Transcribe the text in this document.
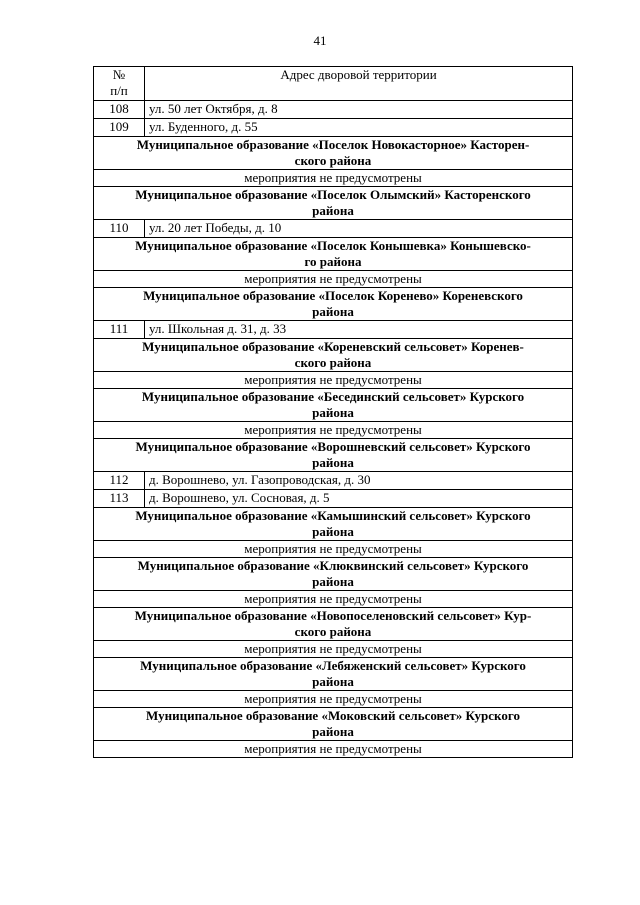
41
№
п/п	Адрес дворовой территории
108	ул. 50 лет Октября, д. 8
109	ул. Буденного, д. 55

Муниципальное образование «Поселок Новокасторное» Касторен-
ского района	

мероприятия не предусмотрены	

Муниципальное образование «Поселок Олымский» Касторенского
района	

110	ул. 20 лет Победы, д. 10

Муниципальное образование «Поселок Конышевка» Конышевско-
го района	

мероприятия не предусмотрены	

Муниципальное образование «Поселок Коренево» Кореневского
района	

111	ул. Школьная д. 31, д. 33

Муниципальное образование «Кореневский сельсовет» Коренев-
ского района	

мероприятия не предусмотрены	

Муниципальное образование «Бесединский сельсовет» Курского
района	

мероприятия не предусмотрены	

Муниципальное образование «Ворошневский сельсовет» Курского
района	

112	д. Ворошнево, ул. Газопроводская, д. 30
113	д. Ворошнево, ул. Сосновая, д. 5

Муниципальное образование «Камышинский сельсовет» Курского
района	

мероприятия не предусмотрены	

Муниципальное образование «Клюквинский сельсовет» Курского
района	

мероприятия не предусмотрены	

Муниципальное образование «Новопоселеновский сельсовет» Кур-
ского района	

мероприятия не предусмотрены	

Муниципальное образование «Лебяженский сельсовет» Курского
района	

мероприятия не предусмотрены	

Муниципальное образование «Моковский сельсовет» Курского
района	

мероприятия не предусмотрены	
